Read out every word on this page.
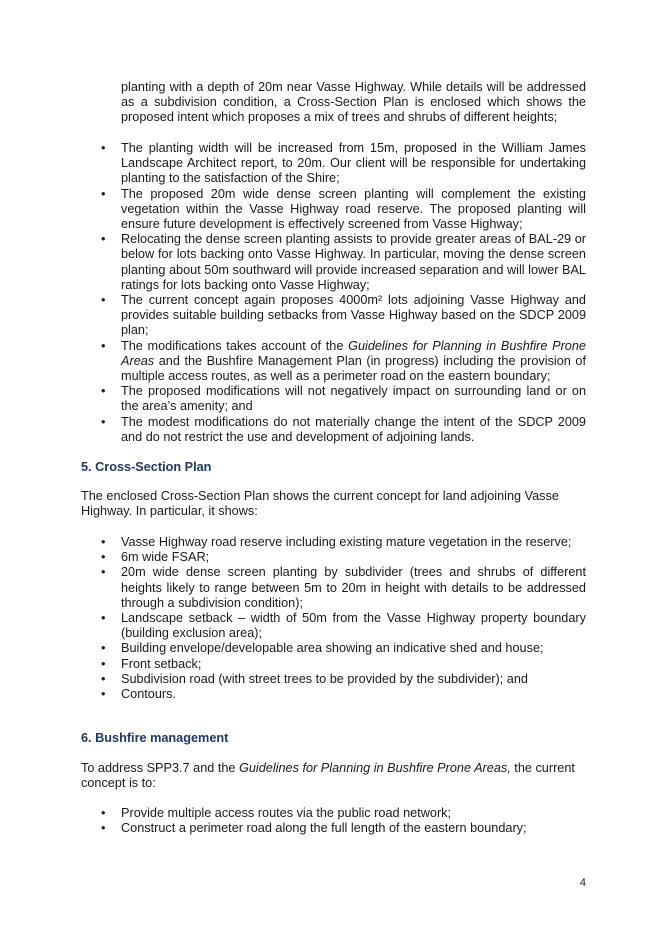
planting with a depth of 20m near Vasse Highway. While details will be addressed as a subdivision condition, a Cross-Section Plan is enclosed which shows the proposed intent which proposes a mix of trees and shrubs of different heights;
• The planting width will be increased from 15m, proposed in the William James Landscape Architect report, to 20m. Our client will be responsible for undertaking planting to the satisfaction of the Shire;
• The proposed 20m wide dense screen planting will complement the existing vegetation within the Vasse Highway road reserve. The proposed planting will ensure future development is effectively screened from Vasse Highway;
• Relocating the dense screen planting assists to provide greater areas of BAL-29 or below for lots backing onto Vasse Highway. In particular, moving the dense screen planting about 50m southward will provide increased separation and will lower BAL ratings for lots backing onto Vasse Highway;
• The current concept again proposes 4000m² lots adjoining Vasse Highway and provides suitable building setbacks from Vasse Highway based on the SDCP 2009 plan;
• The modifications takes account of the Guidelines for Planning in Bushfire Prone Areas and the Bushfire Management Plan (in progress) including the provision of multiple access routes, as well as a perimeter road on the eastern boundary;
• The proposed modifications will not negatively impact on surrounding land or on the area’s amenity; and
• The modest modifications do not materially change the intent of the SDCP 2009 and do not restrict the use and development of adjoining lands.
5. Cross-Section Plan
The enclosed Cross-Section Plan shows the current concept for land adjoining Vasse Highway. In particular, it shows:
• Vasse Highway road reserve including existing mature vegetation in the reserve;
• 6m wide FSAR;
• 20m wide dense screen planting by subdivider (trees and shrubs of different heights likely to range between 5m to 20m in height with details to be addressed through a subdivision condition);
• Landscape setback – width of 50m from the Vasse Highway property boundary (building exclusion area);
• Building envelope/developable area showing an indicative shed and house;
• Front setback;
• Subdivision road (with street trees to be provided by the subdivider); and
• Contours.
6. Bushfire management
To address SPP3.7 and the Guidelines for Planning in Bushfire Prone Areas, the current concept is to:
• Provide multiple access routes via the public road network;
• Construct a perimeter road along the full length of the eastern boundary;
4
